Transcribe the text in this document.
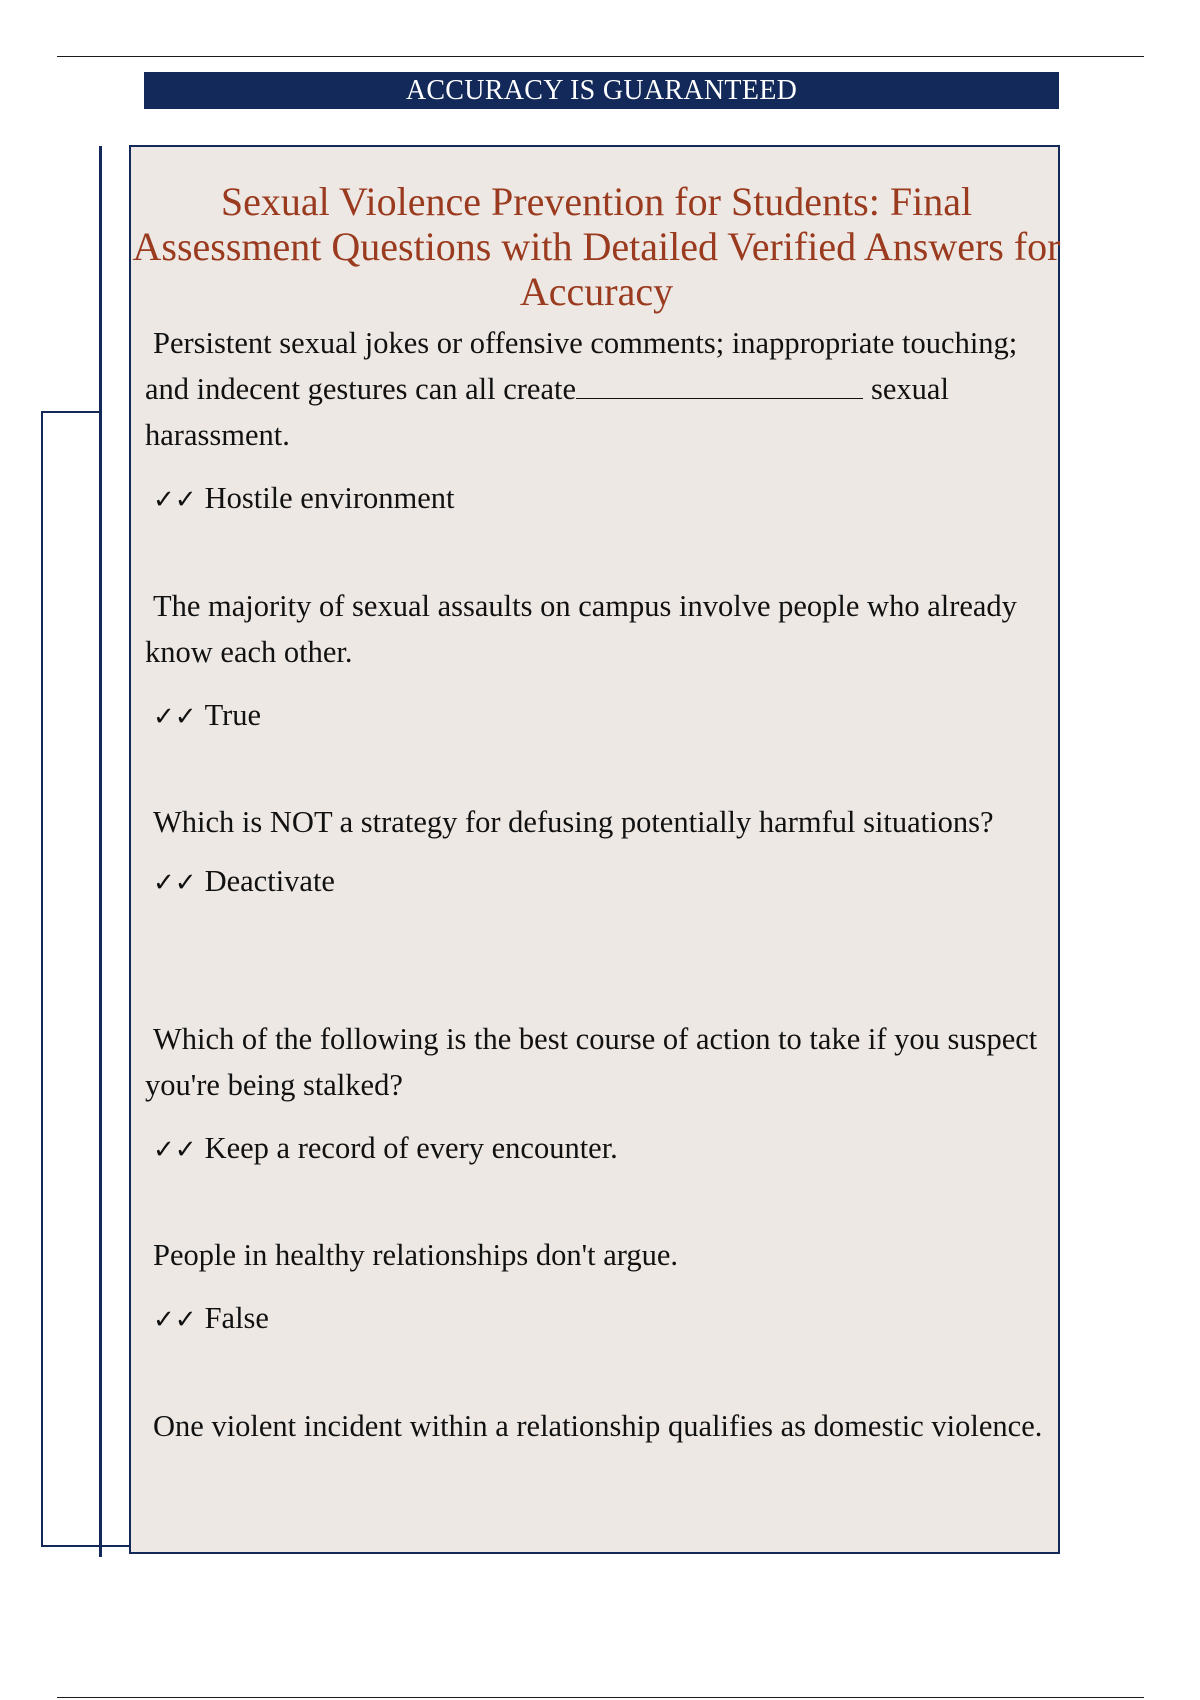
ACCURACY IS GUARANTEED
Sexual Violence Prevention for Students: Final Assessment Questions with Detailed Verified Answers for Accuracy

Persistent sexual jokes or offensive comments; inappropriate touching; and indecent gestures can all create	sexual harassment.

✓✓ Hostile environment

The majority of sexual assaults on campus involve people who already know each other.

✓✓ True

Which is NOT a strategy for defusing potentially harmful situations?

✓✓ Deactivate

Which of the following is the best course of action to take if you suspect you're being stalked?

✓✓ Keep a record of every encounter.

People in healthy relationships don't argue.

✓✓ False

One violent incident within a relationship qualifies as domestic violence.
